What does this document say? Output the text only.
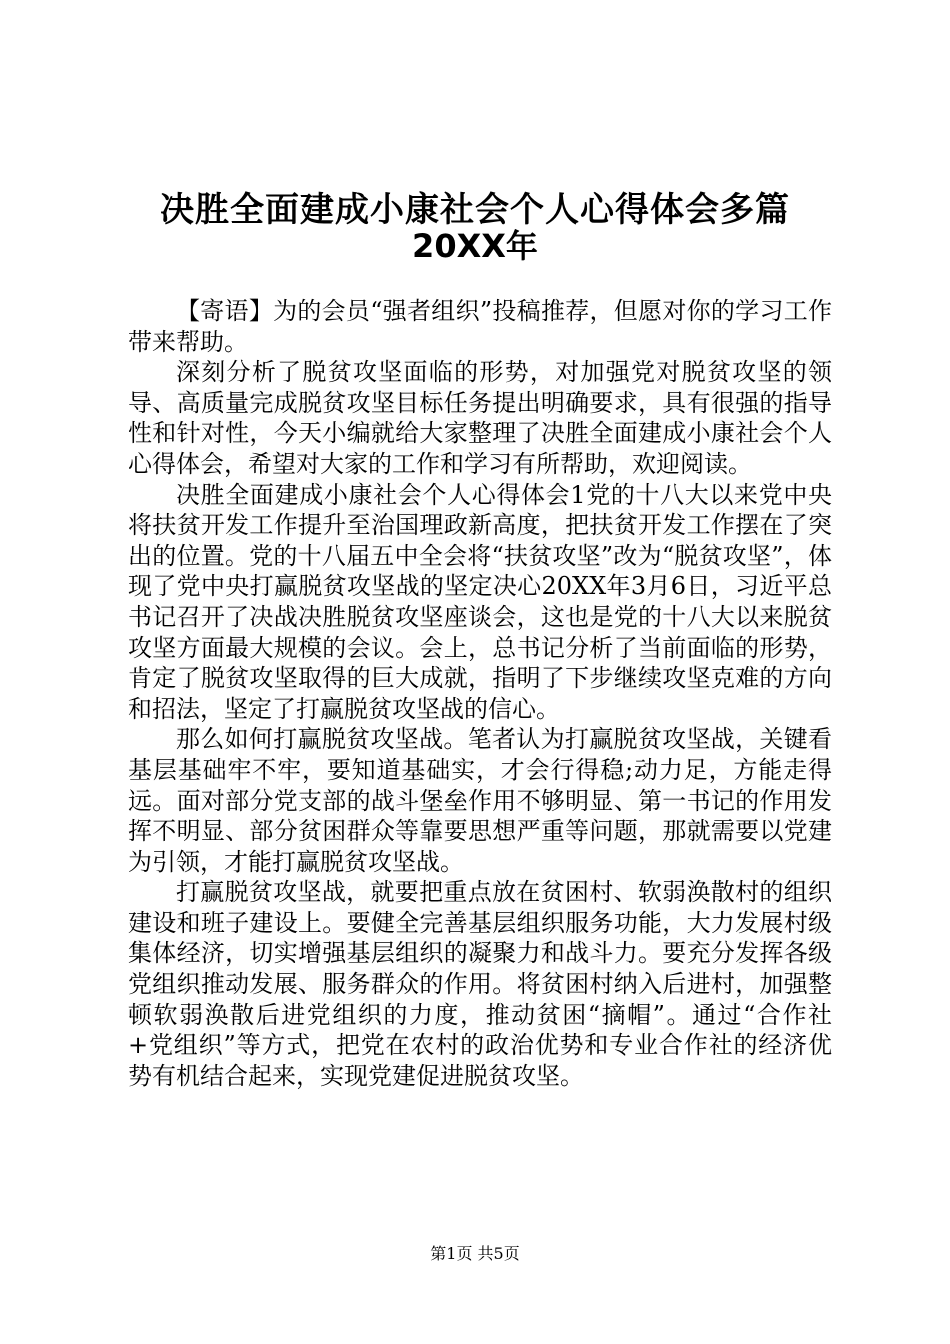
决胜全面建成小康社会个人心得体会多篇
20XX年

【寄语】为的会员“强者组织”投稿推荐，但愿对你的学习工作带来帮助。

深刻分析了脱贫攻坚面临的形势，对加强党对脱贫攻坚的领导、高质量完成脱贫攻坚目标任务提出明确要求，具有很强的指导性和针对性，今天小编就给大家整理了决胜全面建成小康社会个人心得体会，希望对大家的工作和学习有所帮助，欢迎阅读。

决胜全面建成小康社会个人心得体会1党的十八大以来党中央将扶贫开发工作提升至治国理政新高度，把扶贫开发工作摆在了突出的位置。党的十八届五中全会将“扶贫攻坚”改为“脱贫攻坚”，体现了党中央打赢脱贫攻坚战的坚定决心20XX年3月6日，习近平总书记召开了决战决胜脱贫攻坚座谈会，这也是党的十八大以来脱贫攻坚方面最大规模的会议。会上，总书记分析了当前面临的形势，肯定了脱贫攻坚取得的巨大成就，指明了下步继续攻坚克难的方向和招法，坚定了打赢脱贫攻坚战的信心。

那么如何打赢脱贫攻坚战。笔者认为打赢脱贫攻坚战，关键看基层基础牢不牢，要知道基础实，才会行得稳;动力足，方能走得远。面对部分党支部的战斗堡垒作用不够明显、第一书记的作用发挥不明显、部分贫困群众等靠要思想严重等问题，那就需要以党建为引领，才能打赢脱贫攻坚战。

打赢脱贫攻坚战，就要把重点放在贫困村、软弱涣散村的组织建设和班子建设上。要健全完善基层组织服务功能，大力发展村级集体经济，切实增强基层组织的凝聚力和战斗力。要充分发挥各级党组织推动发展、服务群众的作用。将贫困村纳入后进村，加强整顿软弱涣散后进党组织的力度，推动贫困“摘帽”。通过“合作社+党组织”等方式，把党在农村的政治优势和专业合作社的经济优势有机结合起来，实现党建促进脱贫攻坚。

第1页 共5页
